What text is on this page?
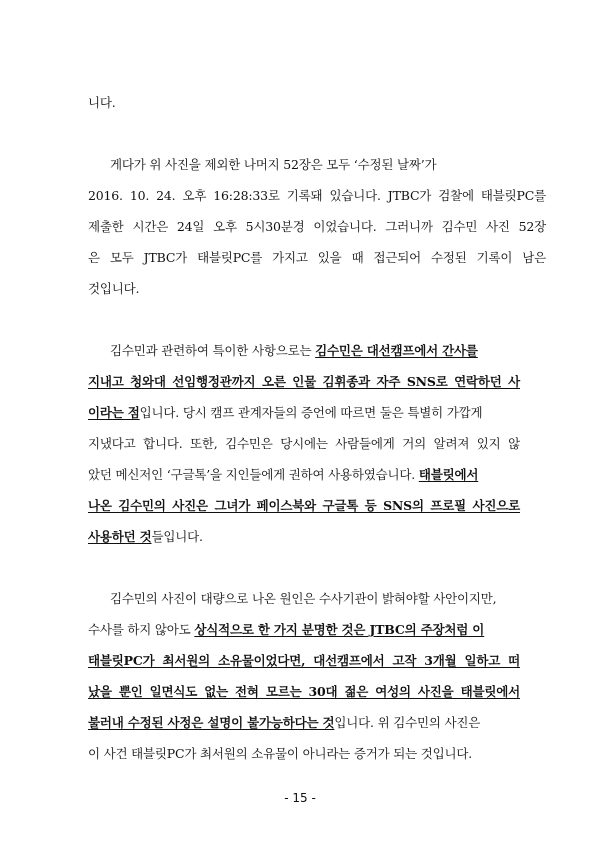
니다.
게다가 위 사진을 제외한 나머지 52장은 모두 ‘수정된 날짜’가
2016. 10. 24. 오후 16:28:33로 기록돼 있습니다. JTBC가 검찰에 태블릿PC를
제출한 시간은 24일 오후 5시30분경 이었습니다. 그러니까 김수민 사진 52장
은 모두 JTBC가 태블릿PC를 가지고 있을 때 접근되어 수정된 기록이 남은
것입니다.
김수민과 관련하여 특이한 사항으로는 김수민은 대선캠프에서 간사를
지내고 청와대 선임행정관까지 오른 인물 김휘종과 자주 SNS로 연락하던 사
이라는 점입니다. 당시 캠프 관계자들의 증언에 따르면 둘은 특별히 가깝게
지냈다고 합니다. 또한, 김수민은 당시에는 사람들에게 거의 알려져 있지 않
았던 메신저인 ‘구글톡’을 지인들에게 권하여 사용하였습니다. 태블릿에서
나온 김수민의 사진은 그녀가 페이스북와 구글톡 등 SNS의 프로필 사진으로
사용하던 것들입니다.
김수민의 사진이 대량으로 나온 원인은 수사기관이 밝혀야할 사안이지만,
수사를 하지 않아도 상식적으로 한 가지 분명한 것은 JTBC의 주장처럼 이
태블릿PC가 최서원의 소유물이었다면, 대선캠프에서 고작 3개월 일하고 떠
났을 뿐인 일면식도 없는 전혀 모르는 30대 젊은 여성의 사진을 태블릿에서
불러내 수정된 사정은 설명이 불가능하다는 것입니다. 위 김수민의 사진은
이 사건 태블릿PC가 최서원의 소유물이 아니라는 증거가 되는 것입니다.
- 15 -
